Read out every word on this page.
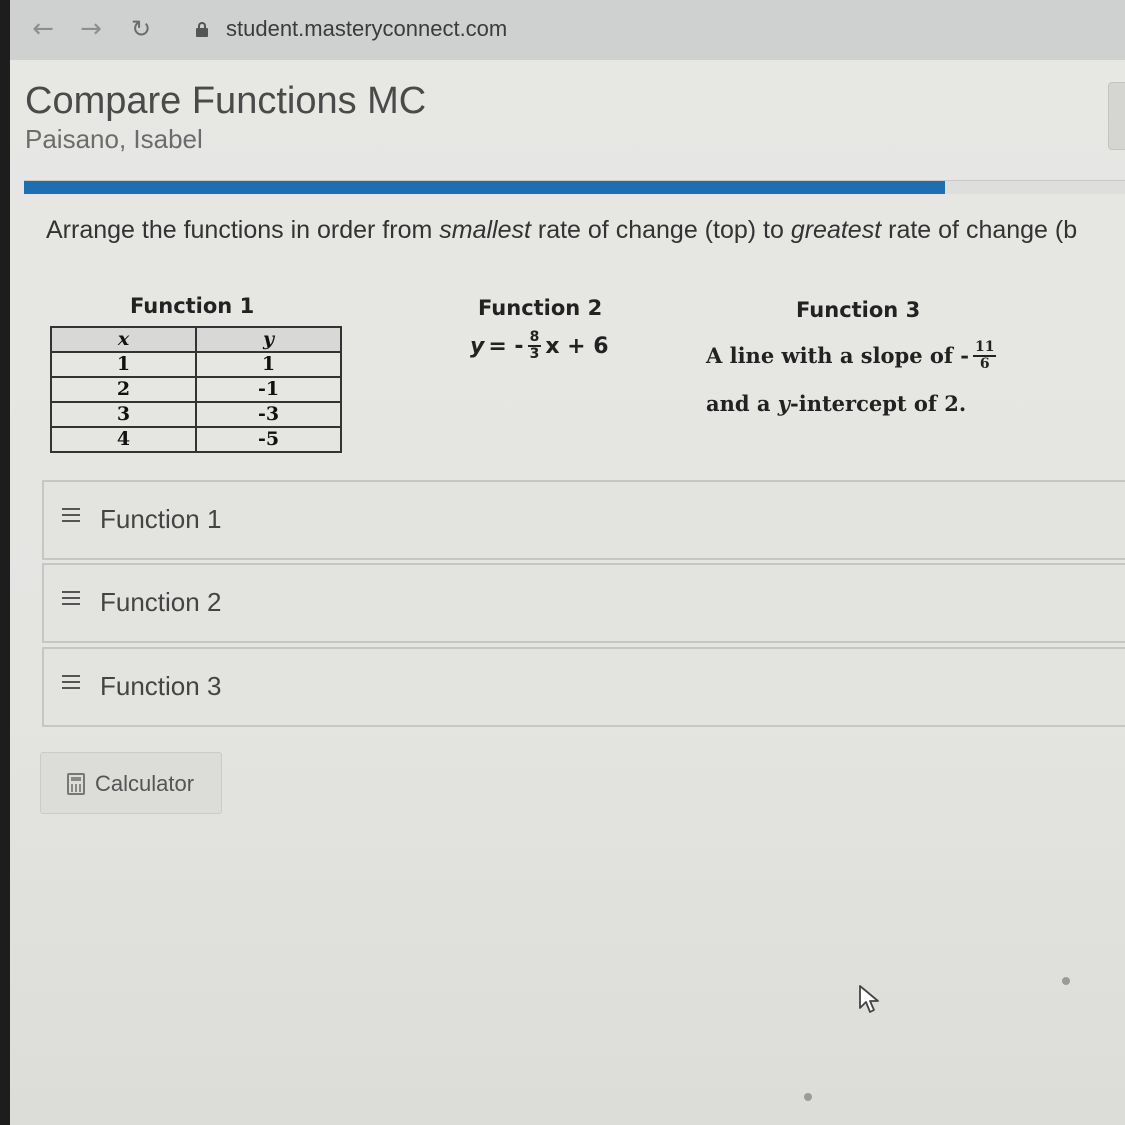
← → ↻	student.masteryconnect.com
Compare Functions MC
Paisano, Isabel
Arrange the functions in order from smallest rate of change (top) to greatest rate of change (b
Function 1	Function 2	Function 3
x	y
1	1
2	-1
3	-3
4	-5
y = - $\frac{8}{3}$ x + 6	A line with a slope of - $\frac{11}{6}$
and a y-intercept of 2.
Function 1
Function 2
Function 3
Calculator
